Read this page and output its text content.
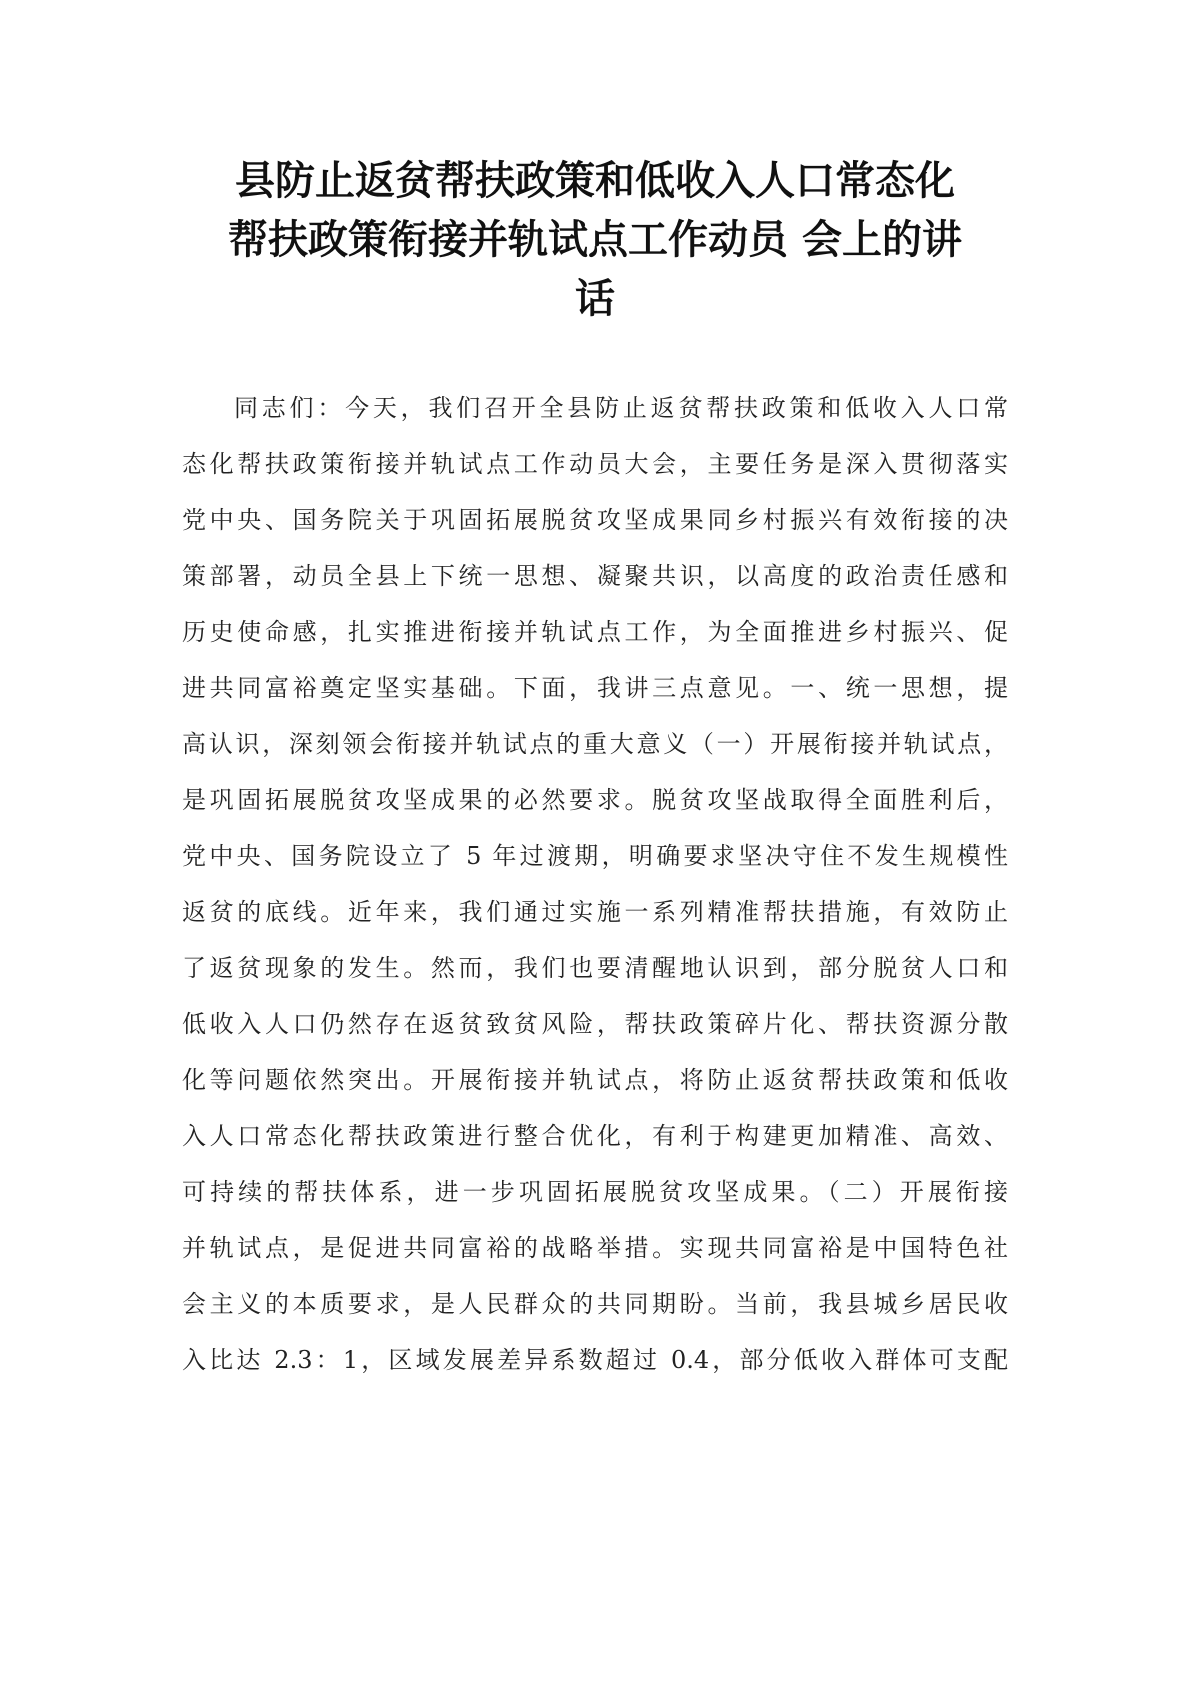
县防止返贫帮扶政策和低收入人口常态化
帮扶政策衔接并轨试点工作动员 会上的讲
话
同志们：今天，我们召开全县防止返贫帮扶政策和低收入人口常
态化帮扶政策衔接并轨试点工作动员大会，主要任务是深入贯彻落实
党中央、国务院关于巩固拓展脱贫攻坚成果同乡村振兴有效衔接的决
策部署，动员全县上下统一思想、凝聚共识，以高度的政治责任感和
历史使命感，扎实推进衔接并轨试点工作，为全面推进乡村振兴、促
进共同富裕奠定坚实基础。下面，我讲三点意见。一、统一思想，提
高认识，深刻领会衔接并轨试点的重大意义（一）开展衔接并轨试点，
是巩固拓展脱贫攻坚成果的必然要求。脱贫攻坚战取得全面胜利后，
党中央、国务院设立了 5 年过渡期，明确要求坚决守住不发生规模性
返贫的底线。近年来，我们通过实施一系列精准帮扶措施，有效防止
了返贫现象的发生。然而，我们也要清醒地认识到，部分脱贫人口和
低收入人口仍然存在返贫致贫风险，帮扶政策碎片化、帮扶资源分散
化等问题依然突出。开展衔接并轨试点，将防止返贫帮扶政策和低收
入人口常态化帮扶政策进行整合优化，有利于构建更加精准、高效、
可持续的帮扶体系，进一步巩固拓展脱贫攻坚成果。（二）开展衔接
并轨试点，是促进共同富裕的战略举措。实现共同富裕是中国特色社
会主义的本质要求，是人民群众的共同期盼。当前，我县城乡居民收
入比达 2.3：1，区域发展差异系数超过 0.4，部分低收入群体可支配
